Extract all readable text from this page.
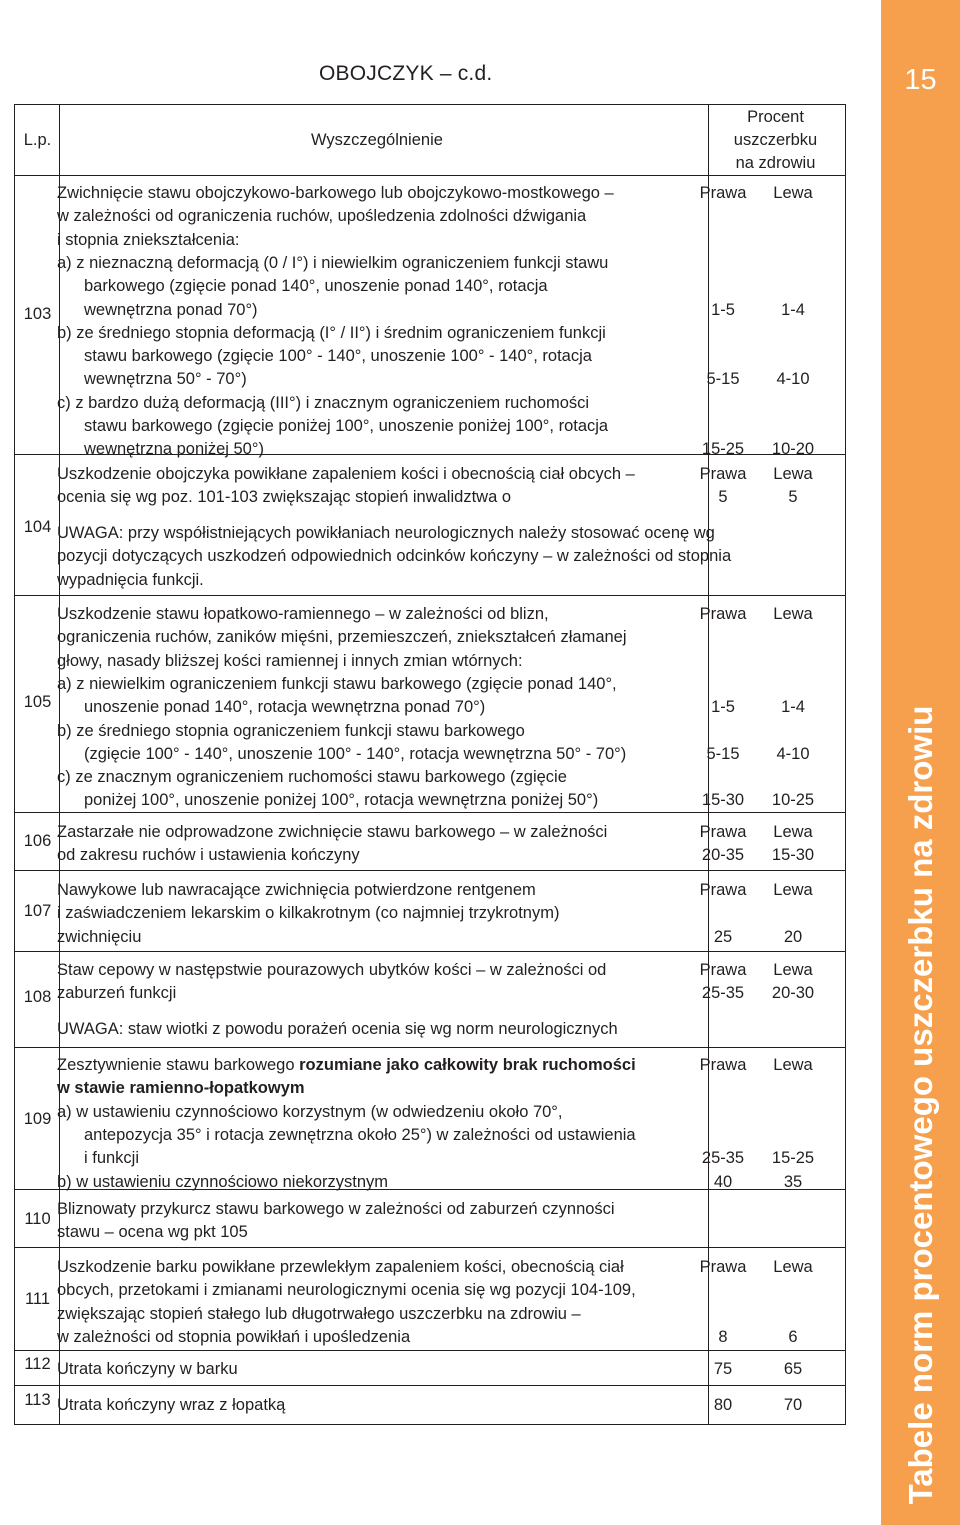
OBOJCZYK – c.d.
L.p.	Wyszczególnienie
Procent
uszczerbku
na zdrowiu
103
Zwichnięcie stawu obojczykowo-barkowego lub obojczykowo-mostkowego –	Prawa	Lewa
w zależności od ograniczenia ruchów, upośledzenia zdolności dźwigania
i stopnia zniekształcenia:
a) z nieznaczną deformacją (0 / I°) i niewielkim ograniczeniem funkcji stawu
barkowego (zgięcie ponad 140°, unoszenie ponad 140°, rotacja
wewnętrzna ponad 70°)	1-5	1-4
b) ze średniego stopnia deformacją (I° / II°) i średnim ograniczeniem funkcji
stawu barkowego (zgięcie 100° - 140°, unoszenie 100° - 140°, rotacja
wewnętrzna 50° - 70°)	5-15	4-10
c) z bardzo dużą deformacją (III°) i znacznym ograniczeniem ruchomości
stawu barkowego (zgięcie poniżej 100°, unoszenie poniżej 100°, rotacja
wewnętrzna poniżej 50°)	15-25	10-20
104
Uszkodzenie obojczyka powikłane zapaleniem kości i obecnością ciał obcych –	Prawa	Lewa
ocenia się wg poz. 101-103 zwiększając stopień inwalidztwa o	5	5
UWAGA: przy współistniejących powikłaniach neurologicznych należy stosować ocenę wg
pozycji dotyczących uszkodzeń odpowiednich odcinków kończyny – w zależności od stopnia
wypadnięcia funkcji.
105
Uszkodzenie stawu łopatkowo-ramiennego – w zależności od blizn,	Prawa	Lewa
ograniczenia ruchów, zaników mięśni, przemieszczeń, zniekształceń złamanej
głowy, nasady bliższej kości ramiennej i innych zmian wtórnych:
a) z niewielkim ograniczeniem funkcji stawu barkowego (zgięcie ponad 140°,
unoszenie ponad 140°, rotacja wewnętrzna ponad 70°)	1-5	1-4
b) ze średniego stopnia ograniczeniem funkcji stawu barkowego
(zgięcie 100° - 140°, unoszenie 100° - 140°, rotacja wewnętrzna 50° - 70°)	5-15	4-10
c) ze znacznym ograniczeniem ruchomości stawu barkowego (zgięcie
poniżej 100°, unoszenie poniżej 100°, rotacja wewnętrzna poniżej 50°)	15-30	10-25
106 Zastarzałe nie odprowadzone zwichnięcie stawu barkowego – w zależności	Prawa	Lewa
od zakresu ruchów i ustawienia kończyny	20-35	15-30
107
Nawykowe lub nawracające zwichnięcia potwierdzone rentgenem	Prawa	Lewa
i zaświadczeniem lekarskim o kilkakrotnym (co najmniej trzykrotnym)
zwichnięciu	25	20
108
Staw cepowy w następstwie pourazowych ubytków kości – w zależności od	Prawa	Lewa
zaburzeń funkcji	25-35	20-30
UWAGA: staw wiotki z powodu porażeń ocenia się wg norm neurologicznych
109
Zesztywnienie stawu barkowego rozumiane jako całkowity brak ruchomości	Prawa	Lewa
w stawie ramienno-łopatkowym
a) w ustawieniu czynnościowo korzystnym (w odwiedzeniu około 70°,
antepozycja 35° i rotacja zewnętrzna około 25°) w zależności od ustawienia
i funkcji	25-35	15-25
b) w ustawieniu czynnościowo niekorzystnym	40	35
110
Bliznowaty przykurcz stawu barkowego w zależności od zaburzeń czynności
stawu – ocena wg pkt 105
111
Uszkodzenie barku powikłane przewlekłym zapaleniem kości, obecnością ciał	Prawa	Lewa
obcych, przetokami i zmianami neurologicznymi ocenia się wg pozycji 104-109,
zwiększając stopień stałego lub długotrwałego uszczerbku na zdrowiu –
w zależności od stopnia powikłań i upośledzenia	8	6
112 Utrata kończyny w barku	75	65
113 Utrata kończyny wraz z łopatką	80	70
15
Tabele norm procentowego uszczerbku na zdrowiu
